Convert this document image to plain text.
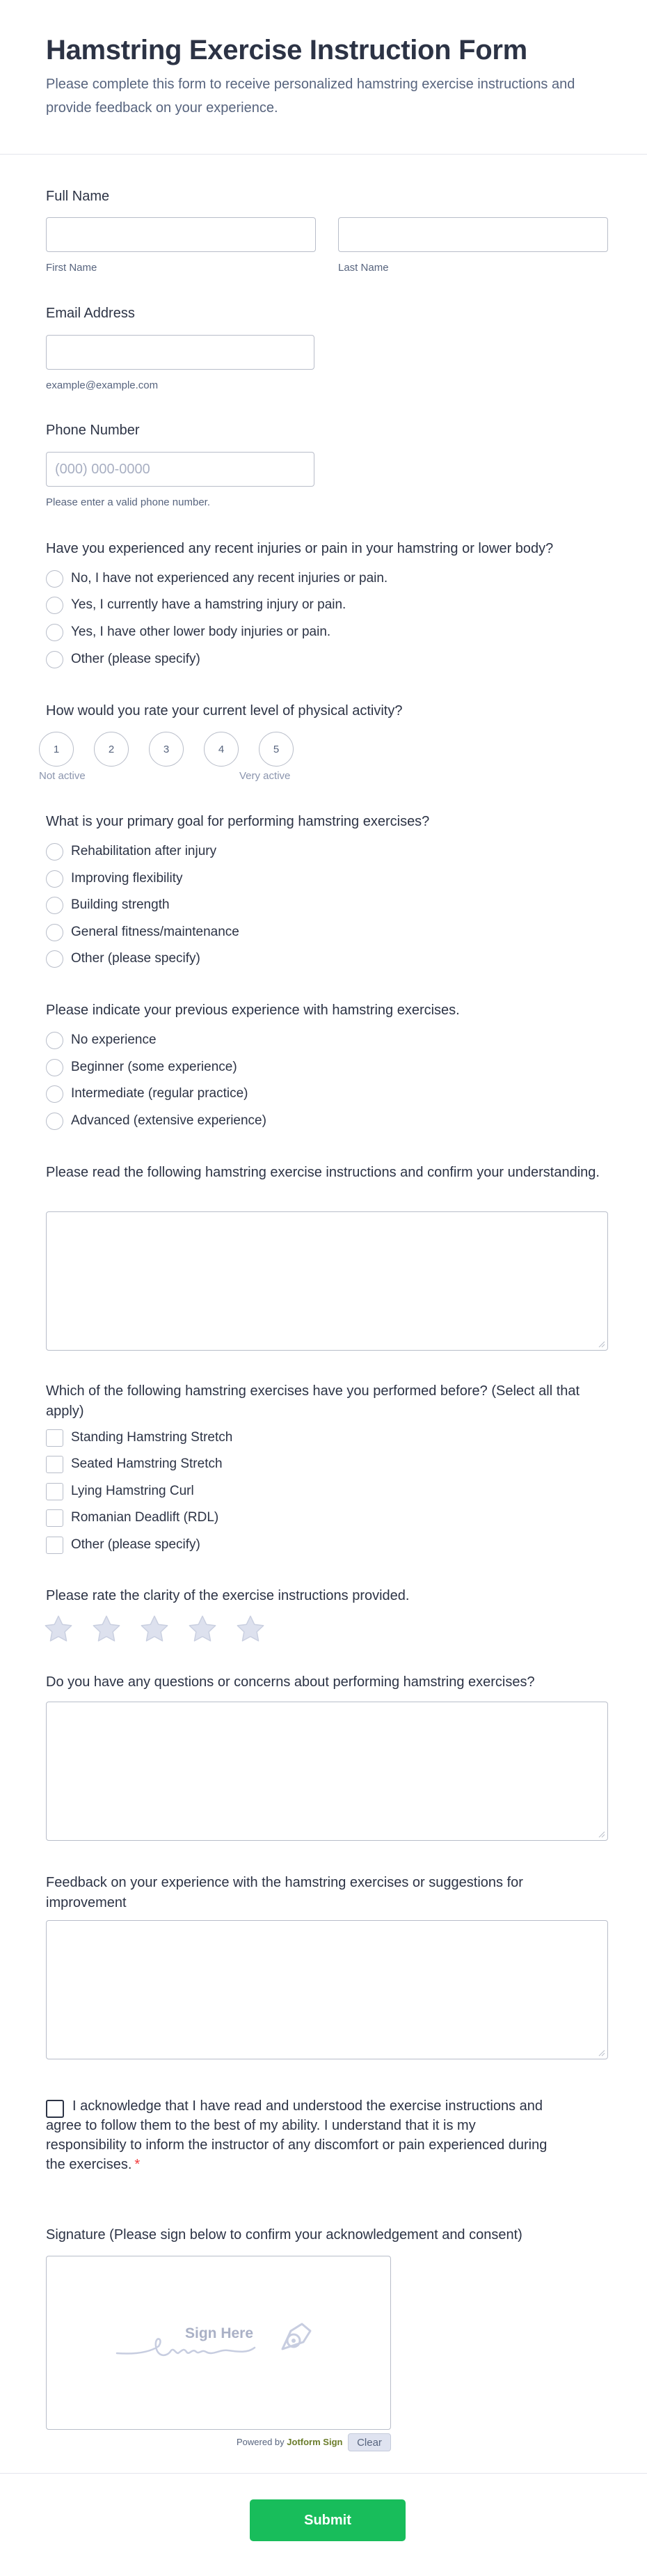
Hamstring Exercise Instruction Form

Please complete this form to receive personalized hamstring exercise instructions and provide feedback on your experience.

Full Name
First Name	Last Name
Email Address
example@example.com
Phone Number
(000) 000-0000
Please enter a valid phone number.
Have you experienced any recent injuries or pain in your hamstring or lower body?
No, I have not experienced any recent injuries or pain.
Yes, I currently have a hamstring injury or pain.
Yes, I have other lower body injuries or pain.
Other (please specify)
How would you rate your current level of physical activity?
1	2	3	4	5
Not active	Very active
What is your primary goal for performing hamstring exercises?
Rehabilitation after injury
Improving flexibility
Building strength
General fitness/maintenance
Other (please specify)
Please indicate your previous experience with hamstring exercises.
No experience
Beginner (some experience)
Intermediate (regular practice)
Advanced (extensive experience)
Please read the following hamstring exercise instructions and confirm your understanding.
Which of the following hamstring exercises have you performed before? (Select all that apply)
Standing Hamstring Stretch
Seated Hamstring Stretch
Lying Hamstring Curl
Romanian Deadlift (RDL)
Other (please specify)
Please rate the clarity of the exercise instructions provided.
Do you have any questions or concerns about performing hamstring exercises?
Feedback on your experience with the hamstring exercises or suggestions for improvement
I acknowledge that I have read and understood the exercise instructions and agree to follow them to the best of my ability. I understand that it is my responsibility to inform the instructor of any discomfort or pain experienced during the exercises. *
Signature (Please sign below to confirm your acknowledgement and consent)
Sign Here
Powered by Jotform Sign	Clear
Submit
